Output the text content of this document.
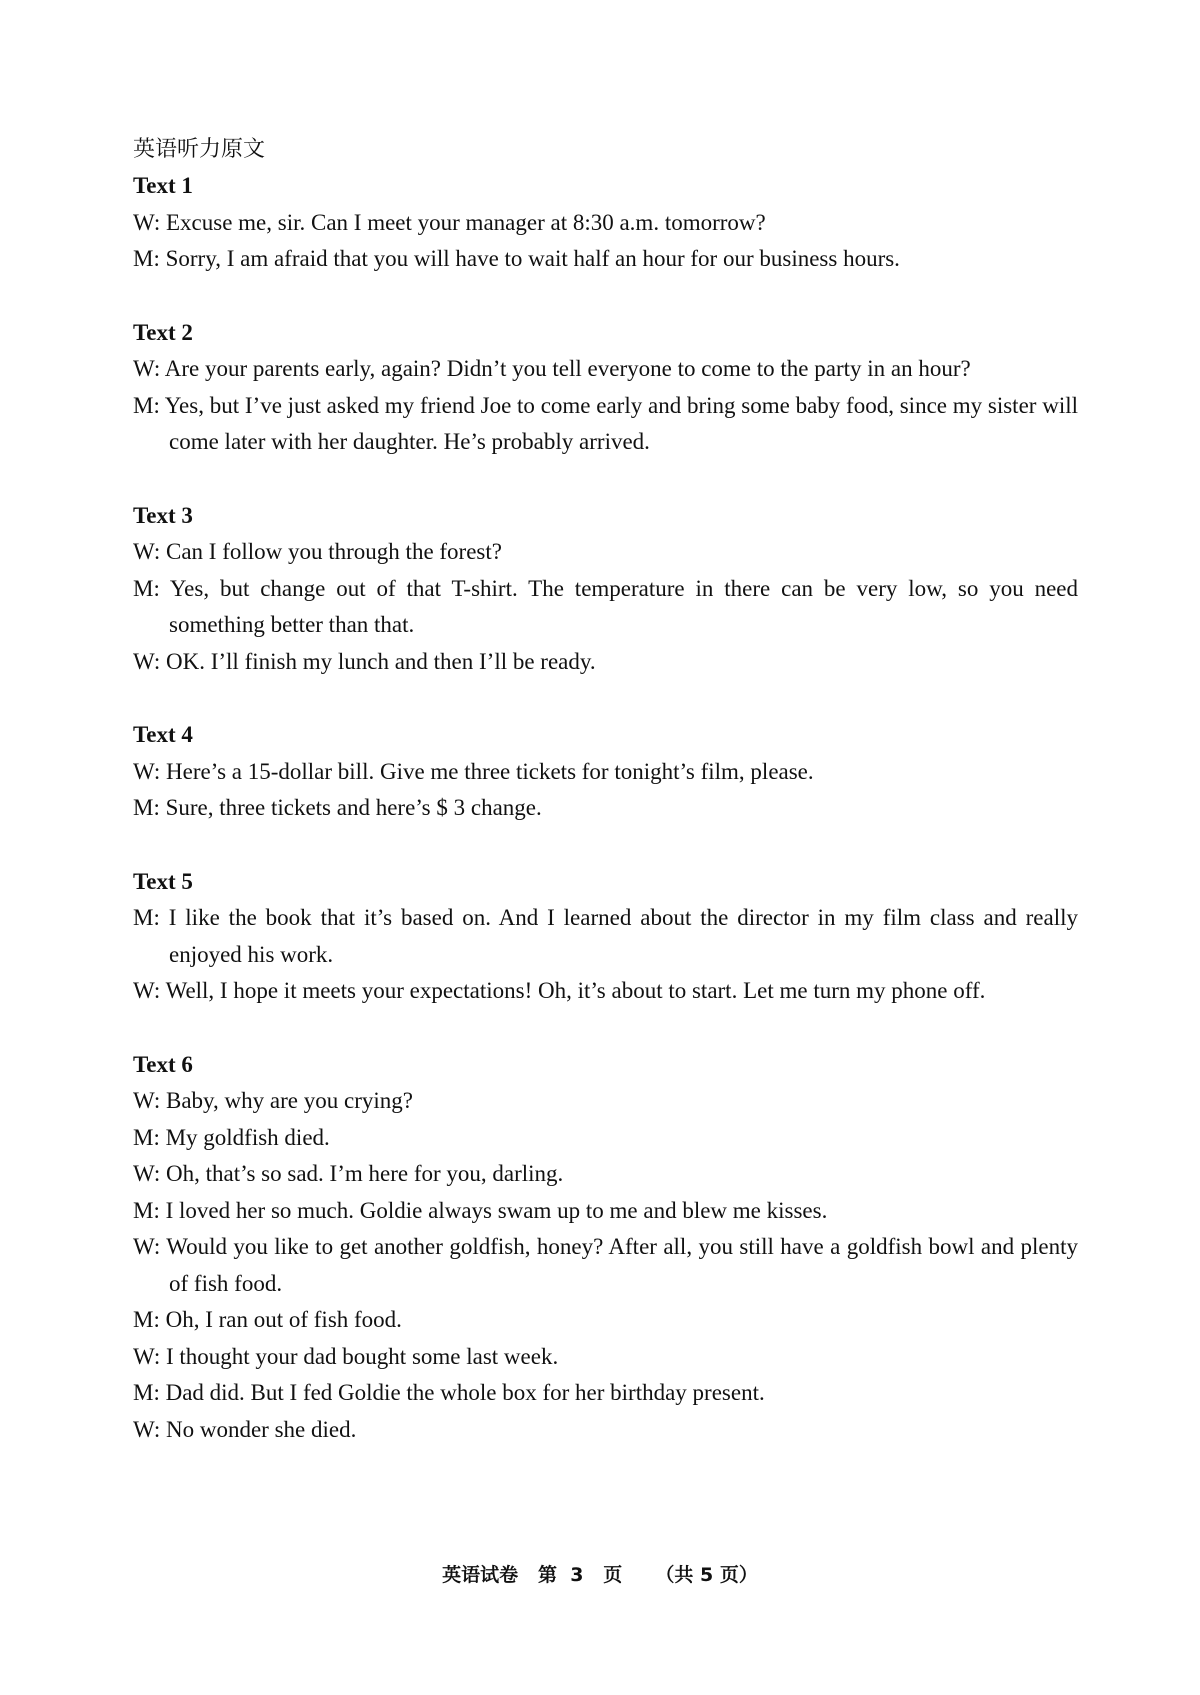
英语听力原文

Text 1

W: Excuse me, sir. Can I meet your manager at 8:30 a.m. tomorrow?

M: Sorry, I am afraid that you will have to wait half an hour for our business hours.

Text 2

W: Are your parents early, again? Didn’t you tell everyone to come to the party in an hour?

M: Yes, but I’ve just asked my friend Joe to come early and bring some baby food, since my sister will come later with her daughter. He’s probably arrived.

Text 3

W: Can I follow you through the forest?

M: Yes, but change out of that T-shirt. The temperature in there can be very low, so you need something better than that.

W: OK. I’ll finish my lunch and then I’ll be ready.

Text 4

W: Here’s a 15-dollar bill. Give me three tickets for tonight’s film, please.

M: Sure, three tickets and here’s $ 3 change.

Text 5

M: I like the book that it’s based on. And I learned about the director in my film class and really enjoyed his work.

W: Well, I hope it meets your expectations! Oh, it’s about to start. Let me turn my phone off.

Text 6

W: Baby, why are you crying?

M: My goldfish died.

W: Oh, that’s so sad. I’m here for you, darling.

M: I loved her so much. Goldie always swam up to me and blew me kisses.

W: Would you like to get another goldfish, honey? After all, you still have a goldfish bowl and plenty of fish food.

M: Oh, I ran out of fish food.

W: I thought your dad bought some last week.

M: Dad did. But I fed Goldie the whole box for her birthday present.

W: No wonder she died.

英语试卷   第  3   页     （共 5 页）
